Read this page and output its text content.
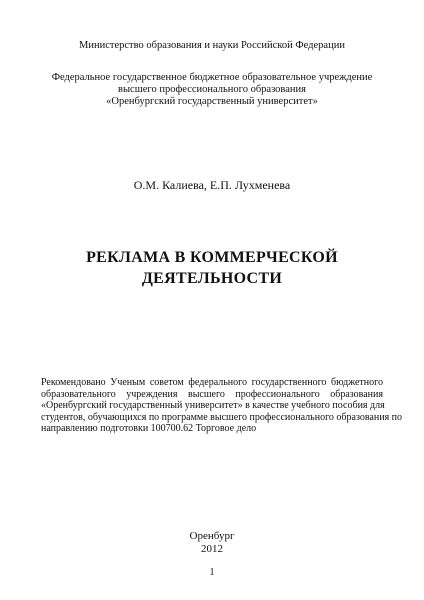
Министерство образования и науки Российской Федерации
Федеральное государственное бюджетное образовательное учреждение
высшего профессионального образования
«Оренбургский государственный университет»
О.М. Калиева, Е.П. Лухменева
РЕКЛАМА В КОММЕРЧЕСКОЙ
ДЕЯТЕЛЬНОСТИ
Рекомендовано Ученым советом федерального государственного бюджетного
образовательного учреждения высшего профессионального образования
«Оренбургский государственный университет» в качестве учебного пособия для
студентов, обучающихся по программе высшего профессионального образования по
направлению подготовки 100700.62 Торговое дело
Оренбург
2012
1
